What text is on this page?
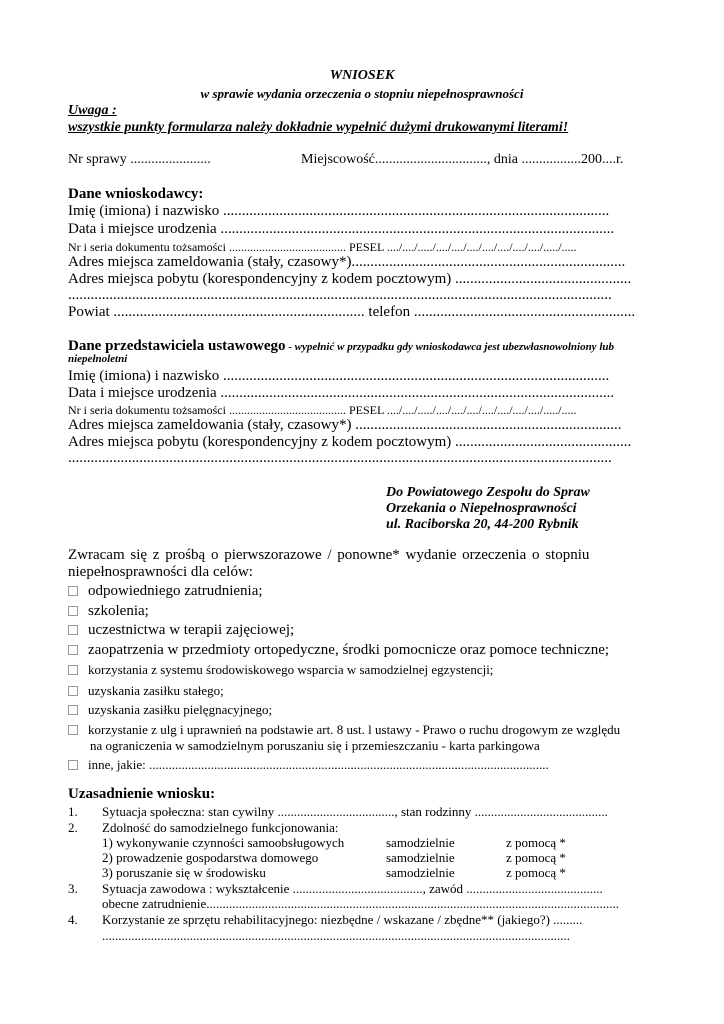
WNIOSEK
w sprawie wydania orzeczenia o stopniu niepełnosprawności
Uwaga :
wszystkie punkty formularza należy dokładnie wypełnić dużymi drukowanymi literami!
Nr sprawy .......................	Miejscowość................................, dnia .................200....r.
Dane wnioskodawcy:
Imię (imiona) i nazwisko .......................................................................................................
Data i miejsce urodzenia .........................................................................................................
Nr i seria dokumentu tożsamości ....................................... PESEL ..../..../...../..../..../..../..../..../..../..../...../.....
Adres miejsca zameldowania (stały, czasowy*).........................................................................
Adres miejsca pobytu (korespondencyjny z kodem pocztowym) ...............................................
.................................................................................................................................................
Powiat ................................................................... telefon ...........................................................
Dane przedstawiciela ustawowego - wypełnić w przypadku gdy wnioskodawca jest ubezwłasnowolniony lub
niepełnoletni
Imię (imiona) i nazwisko .......................................................................................................
Data i miejsce urodzenia .........................................................................................................
Nr i seria dokumentu tożsamości ....................................... PESEL ..../..../...../..../..../..../..../..../..../..../...../.....
Adres miejsca zameldowania (stały, czasowy*) .......................................................................
Adres miejsca pobytu (korespondencyjny z kodem pocztowym) ...............................................
.................................................................................................................................................
Do Powiatowego Zespołu do Spraw
Orzekania o Niepełnosprawności
ul. Raciborska 20, 44-200 Rybnik
Zwracam się z prośbą o pierwszorazowe / ponowne* wydanie orzeczenia o stopniu
niepełnosprawności dla celów:
odpowiedniego zatrudnienia;
szkolenia;
uczestnictwa w terapii zajęciowej;
zaopatrzenia w przedmioty ortopedyczne, środki pomocnicze oraz pomoce techniczne;
korzystania z systemu środowiskowego wsparcia w samodzielnej egzystencji;
uzyskania zasiłku stałego;
uzyskania zasiłku pielęgnacyjnego;
korzystanie z ulg i uprawnień na podstawie art. 8 ust. l ustawy - Prawo o ruchu drogowym ze względu
na ograniczenia w samodzielnym poruszaniu się i przemieszczaniu - karta parkingowa
inne, jakie: ...........................................................................................................................
Uzasadnienie wniosku:
1. Sytuacja społeczna: stan cywilny ...................................., stan rodzinny .........................................
2. Zdolność do samodzielnego funkcjonowania:
1) wykonywanie czynności samoobsługowych	samodzielnie	z pomocą *
2) prowadzenie gospodarstwa domowego	samodzielnie	z pomocą *
3) poruszanie się w środowisku	samodzielnie	z pomocą *
3. Sytuacja zawodowa : wykształcenie ........................................, zawód ..........................................
obecne zatrudnienie...............................................................................................................................
4. Korzystanie ze sprzętu rehabilitacyjnego: niezbędne / wskazane / zbędne** (jakiego?) .........
................................................................................................................................................
